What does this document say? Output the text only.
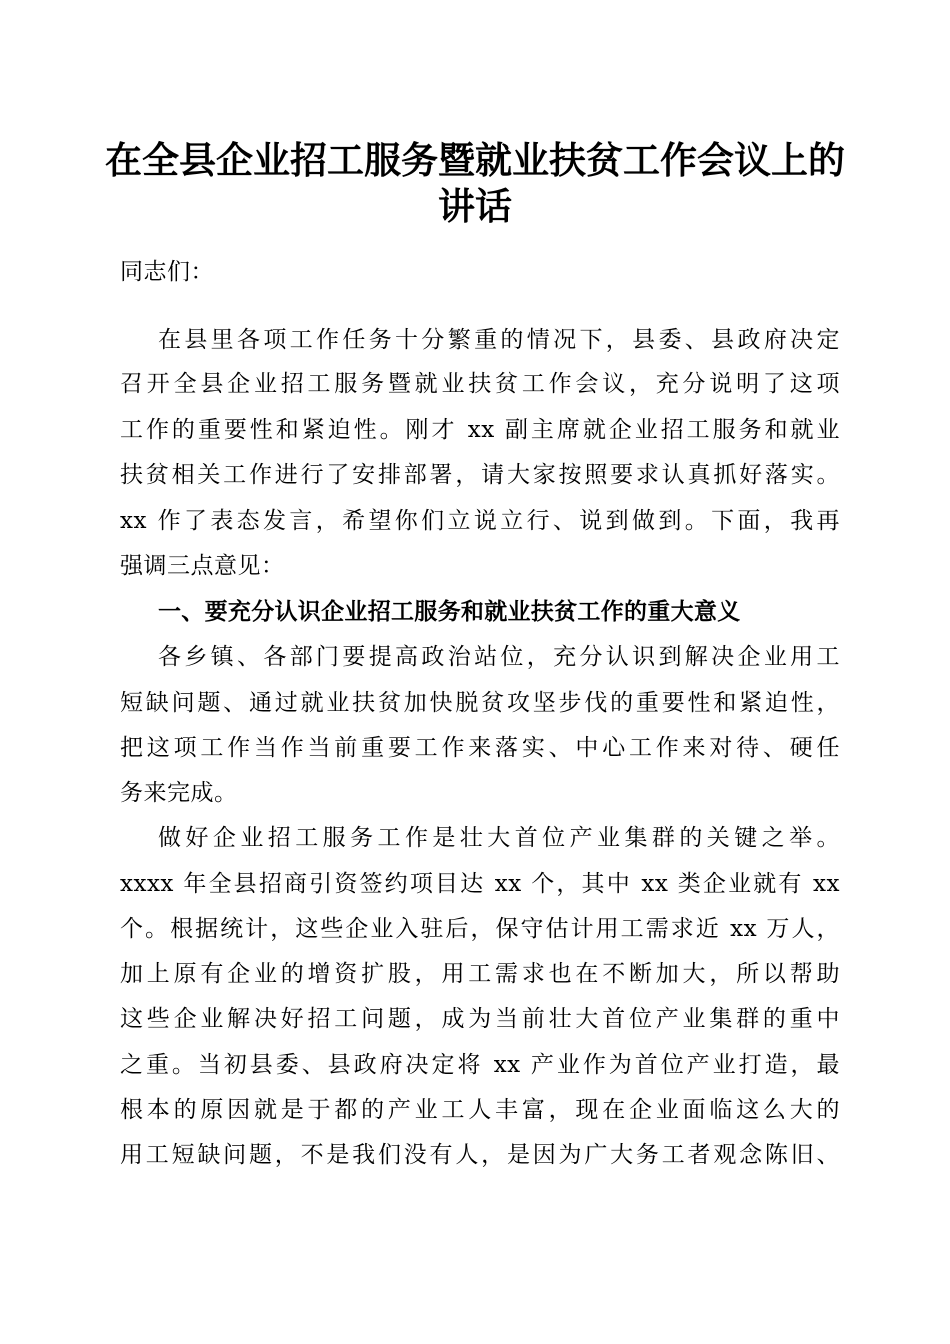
在全县企业招工服务暨就业扶贫工作会议上的
讲话
同志们：
在县里各项工作任务十分繁重的情况下，县委、县政府决定
召开全县企业招工服务暨就业扶贫工作会议，充分说明了这项
工作的重要性和紧迫性。刚才 xx 副主席就企业招工服务和就业
扶贫相关工作进行了安排部署，请大家按照要求认真抓好落实。
xx 作了表态发言，希望你们立说立行、说到做到。下面，我再
强调三点意见：
一、要充分认识企业招工服务和就业扶贫工作的重大意义
各乡镇、各部门要提高政治站位，充分认识到解决企业用工
短缺问题、通过就业扶贫加快脱贫攻坚步伐的重要性和紧迫性，
把这项工作当作当前重要工作来落实、中心工作来对待、硬任
务来完成。
做好企业招工服务工作是壮大首位产业集群的关键之举。
xxxx 年全县招商引资签约项目达 xx 个，其中 xx 类企业就有 xx
个。根据统计，这些企业入驻后，保守估计用工需求近 xx 万人，
加上原有企业的增资扩股，用工需求也在不断加大，所以帮助
这些企业解决好招工问题，成为当前壮大首位产业集群的重中
之重。当初县委、县政府决定将 xx 产业作为首位产业打造，最
根本的原因就是于都的产业工人丰富，现在企业面临这么大的
用工短缺问题，不是我们没有人，是因为广大务工者观念陈旧、
